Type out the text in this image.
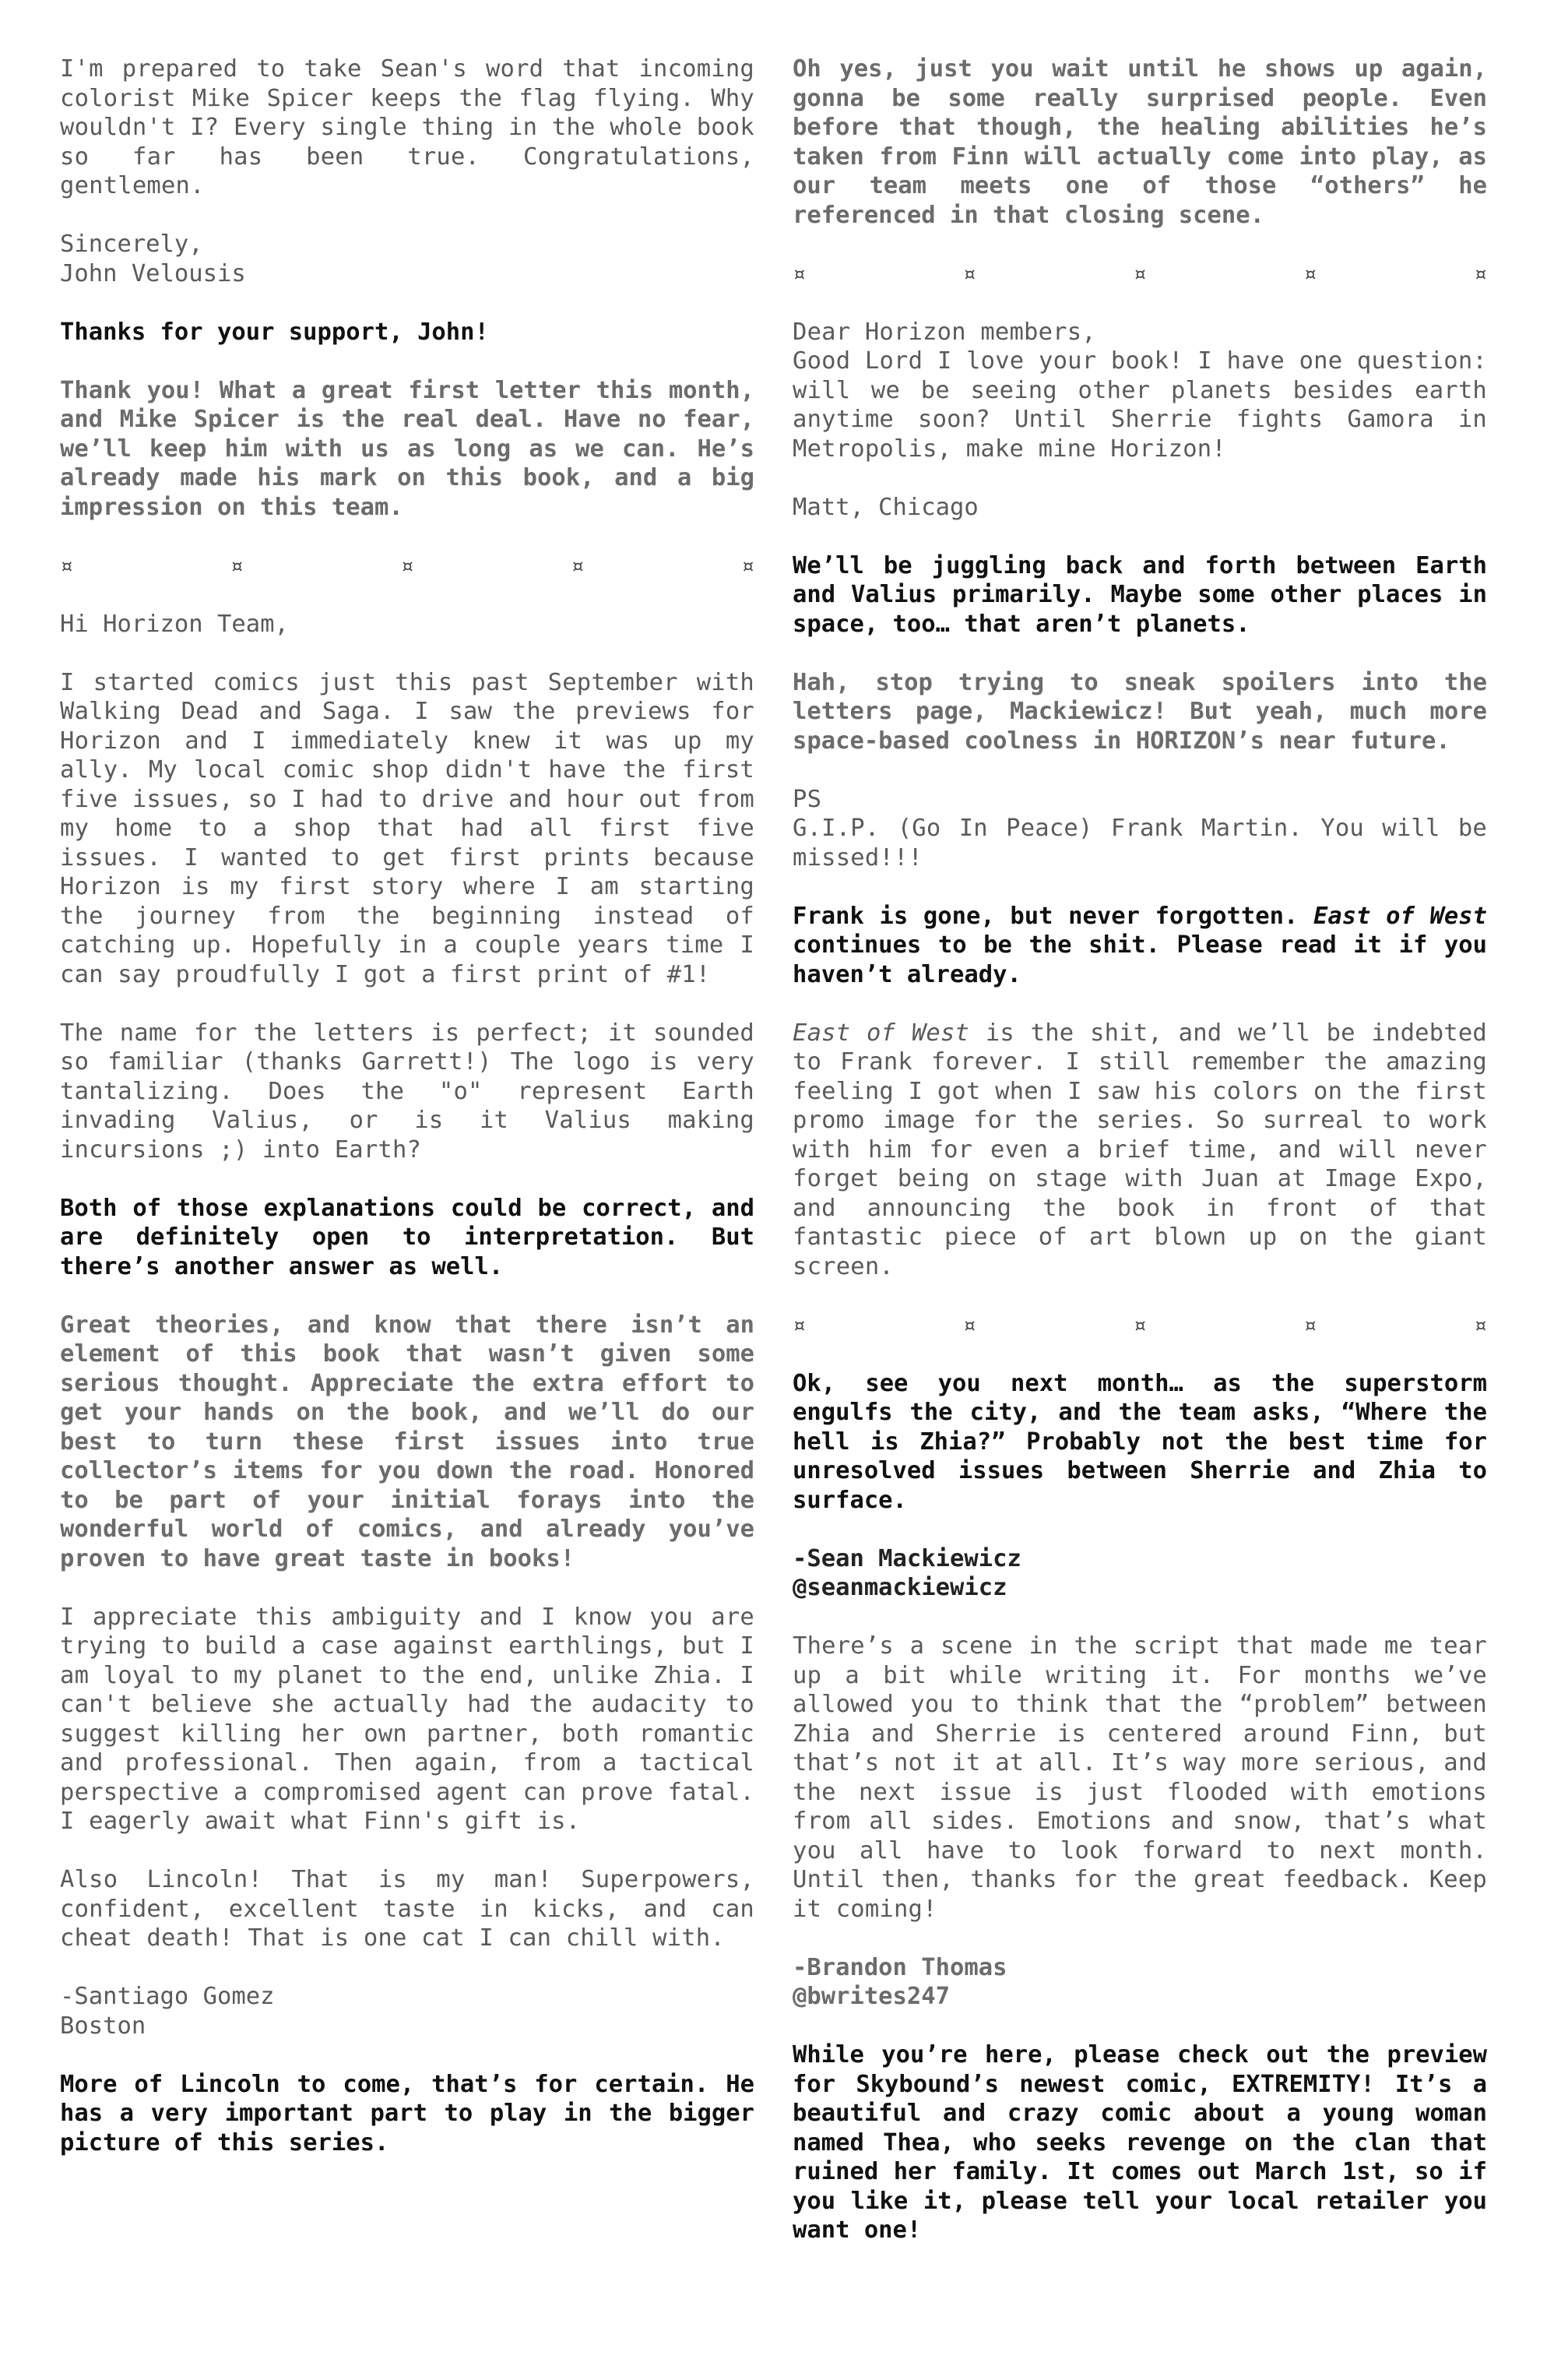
I'm prepared to take Sean's word that incoming colorist Mike Spicer keeps the flag flying. Why wouldn't I? Every single thing in the whole book so far has been true. Congratulations, gentlemen.

Sincerely,
John Velousis

Thanks for your support, John!

Thank you! What a great first letter this month, and Mike Spicer is the real deal. Have no fear, we’ll keep him with us as long as we can. He’s already made his mark on this book, and a big impression on this team.

¤	¤	¤	¤	¤

Hi Horizon Team,

I started comics just this past September with Walking Dead and Saga. I saw the previews for Horizon and I immediately knew it was up my ally. My local comic shop didn't have the first five issues, so I had to drive and hour out from my home to a shop that had all first five issues. I wanted to get first prints because Horizon is my first story where I am starting the journey from the beginning instead of catching up. Hopefully in a couple years time I can say proudfully I got a first print of #1!

The name for the letters is perfect; it sounded so familiar (thanks Garrett!) The logo is very tantalizing. Does the "o" represent Earth invading Valius, or is it Valius making incursions ;) into Earth?

Both of those explanations could be correct, and are definitely open to interpretation. But there’s another answer as well.

Great theories, and know that there isn’t an element of this book that wasn’t given some serious thought. Appreciate the extra effort to get your hands on the book, and we’ll do our best to turn these first issues into true collector’s items for you down the road. Honored to be part of your initial forays into the wonderful world of comics, and already you’ve proven to have great taste in books!

I appreciate this ambiguity and I know you are trying to build a case against earthlings, but I am loyal to my planet to the end, unlike Zhia. I can't believe she actually had the audacity to suggest killing her own partner, both romantic and professional. Then again, from a tactical perspective a compromised agent can prove fatal. I eagerly await what Finn's gift is.

Also Lincoln! That is my man! Superpowers, confident, excellent taste in kicks, and can cheat death! That is one cat I can chill with.

-Santiago Gomez
Boston

More of Lincoln to come, that’s for certain. He has a very important part to play in the bigger picture of this series.

Oh yes, just you wait until he shows up again, gonna be some really surprised people. Even before that though, the healing abilities he’s taken from Finn will actually come into play, as our team meets one of those “others” he referenced in that closing scene.

¤	¤	¤	¤	¤
Dear Horizon members,
Good Lord I love your book! I have one question: will we be seeing other planets besides earth anytime soon? Until Sherrie fights Gamora in Metropolis, make mine Horizon!

Matt, Chicago

We’ll be juggling back and forth between Earth and Valius primarily. Maybe some other places in space, too… that aren’t planets.

Hah, stop trying to sneak spoilers into the letters page, Mackiewicz! But yeah, much more space-based coolness in HORIZON’s near future.

PS
G.I.P. (Go In Peace) Frank Martin. You will be missed!!!

Frank is gone, but never forgotten. East of West continues to be the shit. Please read it if you haven’t already.

East of West is the shit, and we’ll be indebted to Frank forever. I still remember the amazing feeling I got when I saw his colors on the first promo image for the series. So surreal to work with him for even a brief time, and will never forget being on stage with Juan at Image Expo, and announcing the book in front of that fantastic piece of art blown up on the giant screen.

¤	¤	¤	¤	¤

Ok, see you next month… as the superstorm engulfs the city, and the team asks, “Where the hell is Zhia?” Probably not the best time for unresolved issues between Sherrie and Zhia to surface.

-Sean Mackiewicz
@seanmackiewicz

There’s a scene in the script that made me tear up a bit while writing it. For months we’ve allowed you to think that the “problem” between Zhia and Sherrie is centered around Finn, but that’s not it at all. It’s way more serious, and the next issue is just flooded with emotions from all sides. Emotions and snow, that’s what you all have to look forward to next month. Until then, thanks for the great feedback. Keep it coming!

-Brandon Thomas
@bwrites247

While you’re here, please check out the preview for Skybound’s newest comic, EXTREMITY! It’s a beautiful and crazy comic about a young woman named Thea, who seeks revenge on the clan that ruined her family. It comes out March 1st, so if you like it, please tell your local retailer you want one!
